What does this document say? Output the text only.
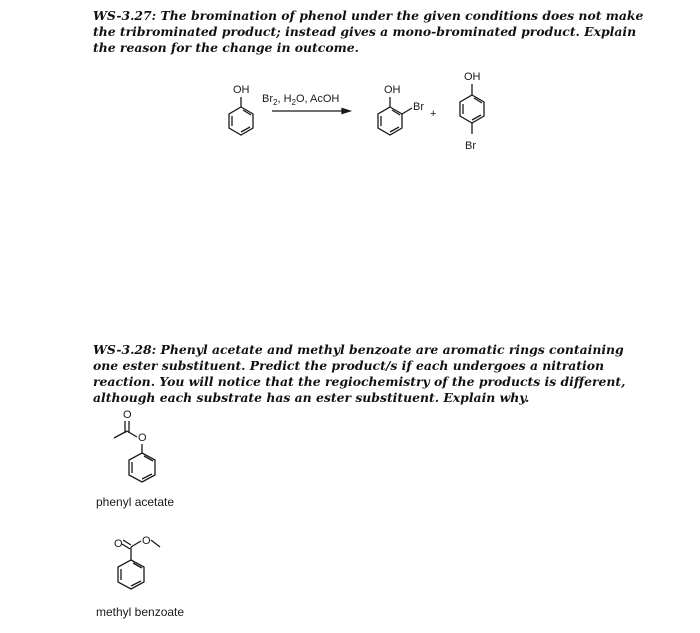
WS-3.27: The bromination of phenol under the given conditions does not make the tribrominated product; instead gives a mono-brominated product. Explain the reason for the change in outcome.

OH
$Br_2$, $H_2O$, AcOH
OH
Br
+
OH
Br
O
O
O O

WS-3.28: Phenyl acetate and methyl benzoate are aromatic rings containing one ester substituent. Predict the product/s if each undergoes a nitration reaction. You will notice that the regiochemistry of the products is different, although each substrate has an ester substituent. Explain why.

phenyl acetate
methyl benzoate
